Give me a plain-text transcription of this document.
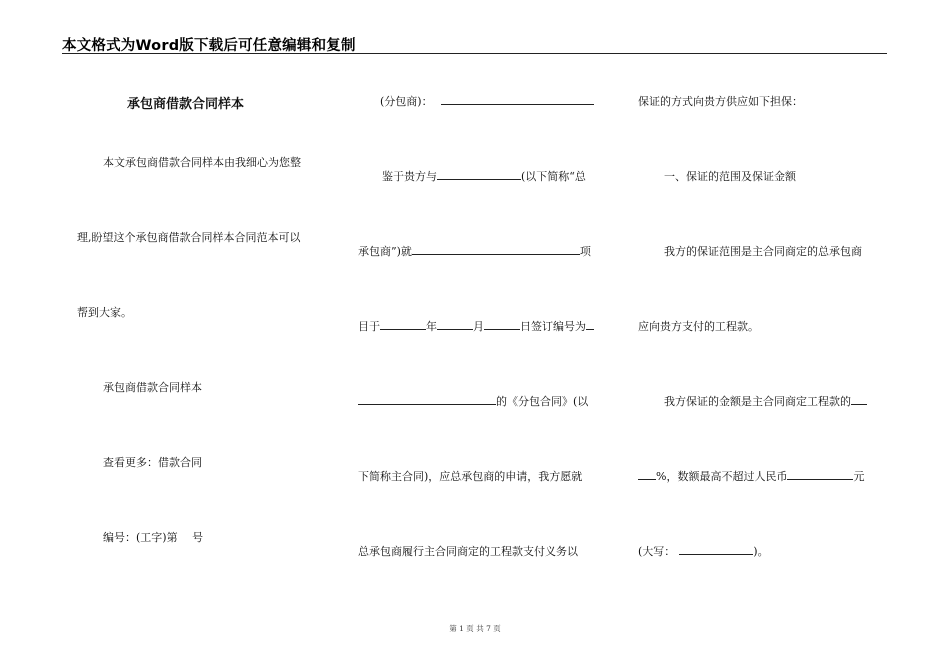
本文格式为Word版下载后可任意编辑和复制
承包商借款合同样本
本文承包商借款合同样本由我细心为您整
理,盼望这个承包商借款合同样本合同范本可以
帮到大家。
承包商借款合同样本
查看更多：借款合同
编号：(工字)第　 号
(分包商)：
鉴于贵方与	(以下简称“总
承包商”)就	项
目于	年	月	日签订编号为
的《分包合同》(以
下简称主合同)，应总承包商的申请，我方愿就
总承包商履行主合同商定的工程款支付义务以
保证的方式向贵方供应如下担保：
一、保证的范围及保证金额
我方的保证范围是主合同商定的总承包商
应向贵方支付的工程款。
我方保证的金额是主合同商定工程款的
%，数额最高不超过人民币	元
(大写：	)。
第 1 页 共 7 页
